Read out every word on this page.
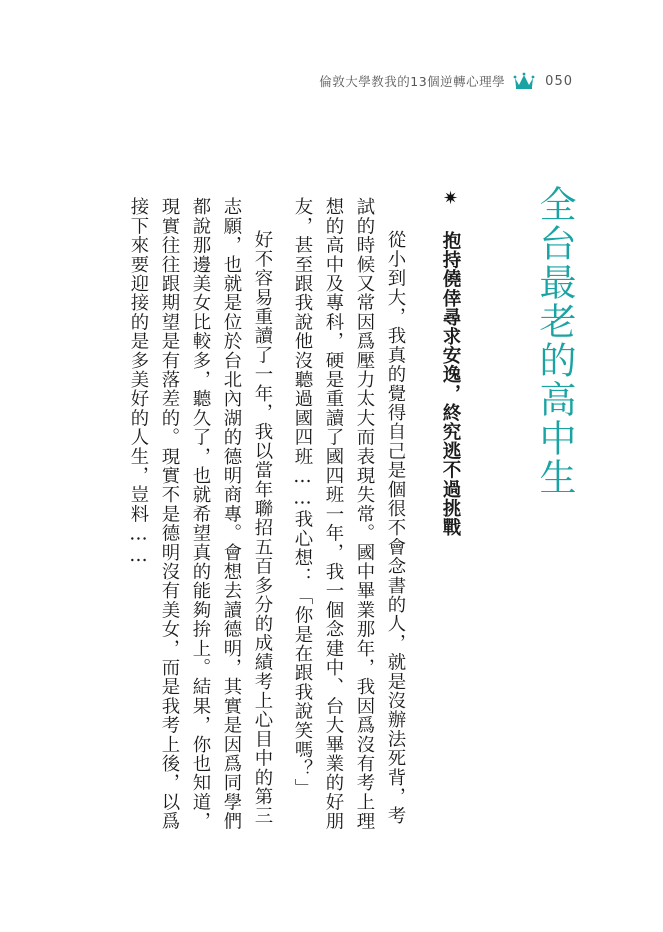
倫敦大學教我的13個逆轉心理學	050
全台最老的高中生
✷ 抱持僥倖尋求安逸，終究逃不過挑戰
從小到大，我真的覺得自己是個很不會念書的人，就是沒辦法死背，考
試的時候又常因爲壓力太大而表現失常。國中畢業那年，我因爲沒有考上理
想的高中及專科，硬是重讀了國四班一年，我一個念建中、台大畢業的好朋
友，甚至跟我說他沒聽過國四班……我心想：「你是在跟我說笑嗎？」
好不容易重讀了一年，我以當年聯招五百多分的成績考上心目中的第三
志願，也就是位於台北內湖的德明商專。會想去讀德明，其實是因爲同學們
都說那邊美女比較多，聽久了，也就希望真的能夠拚上。結果，你也知道，
現實往往跟期望是有落差的。現實不是德明沒有美女，而是我考上後，以爲
接下來要迎接的是多美好的人生，豈料……
